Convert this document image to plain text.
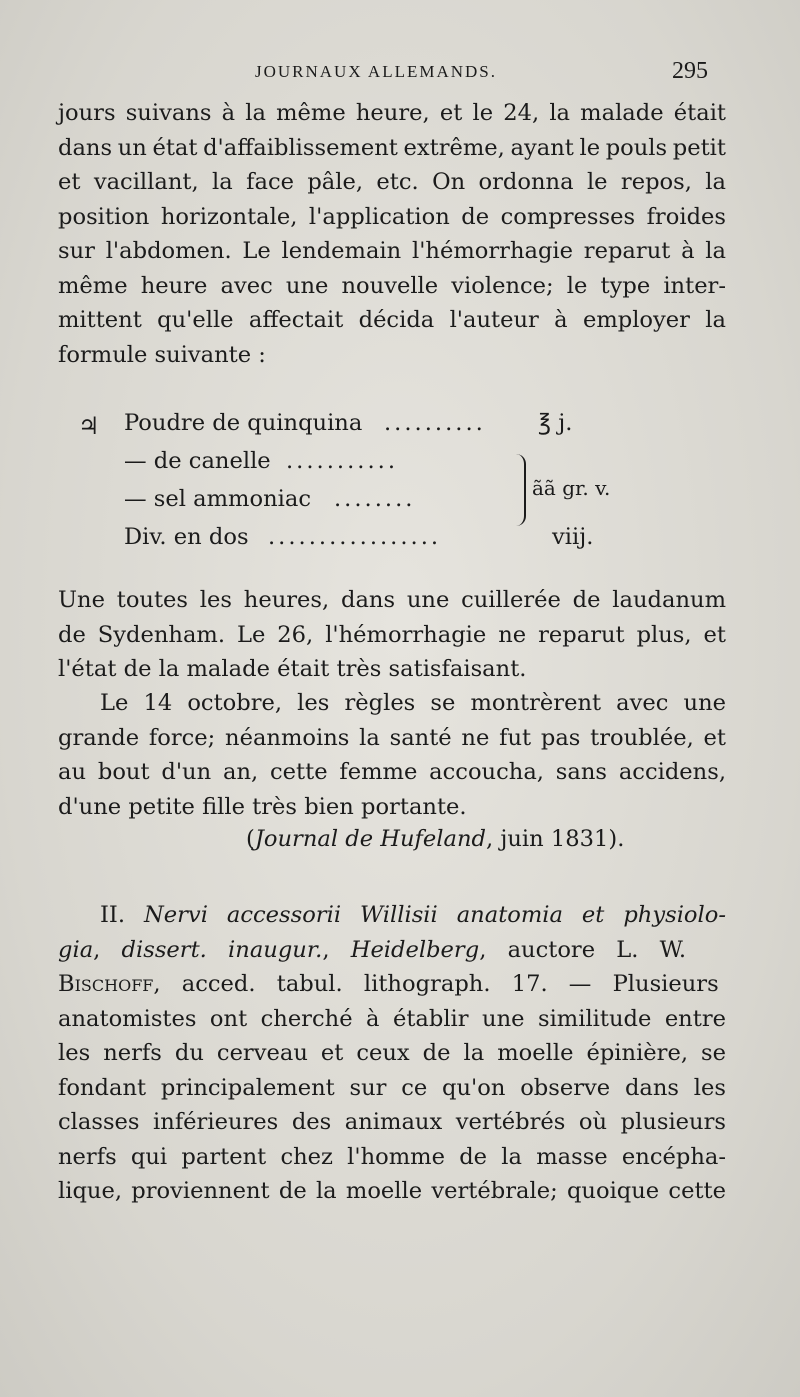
JOURNAUX ALLEMANDS.	295
jours suivans à la même heure, et le 24, la malade était
dans un état d'affaiblissement extrême, ayant le pouls petit
et vacillant, la face pâle, etc. On ordonna le repos, la
position horizontale, l'application de compresses froides
sur l'abdomen. Le lendemain l'hémorrhagie reparut à la
même heure avec une nouvelle violence; le type inter-
mittent qu'elle affectait décida l'auteur à employer la
formule suivante :
♃ Poudre de quinquina .......... ℥ j.
— de canelle ...........
— sel ammoniac ........	ãã gr. v.
Div. en dos .................	viij.
Une toutes les heures, dans une cuillerée de laudanum
de Sydenham. Le 26, l'hémorrhagie ne reparut plus, et
l'état de la malade était très satisfaisant.
Le 14 octobre, les règles se montrèrent avec une
grande force; néanmoins la santé ne fut pas troublée, et
au bout d'un an, cette femme accoucha, sans accidens,
d'une petite fille très bien portante.
(Journal de Hufeland, juin 1831).
II. Nervi accessorii Willisii anatomia et physiolo-
gia, dissert. inaugur., Heidelberg, auctore L. W.
Bischoff, acced. tabul. lithograph. 17. — Plusieurs
anatomistes ont cherché à établir une similitude entre
les nerfs du cerveau et ceux de la moelle épinière, se
fondant principalement sur ce qu'on observe dans les
classes inférieures des animaux vertébrés où plusieurs
nerfs qui partent chez l'homme de la masse encépha-
lique, proviennent de la moelle vertébrale; quoique cette
